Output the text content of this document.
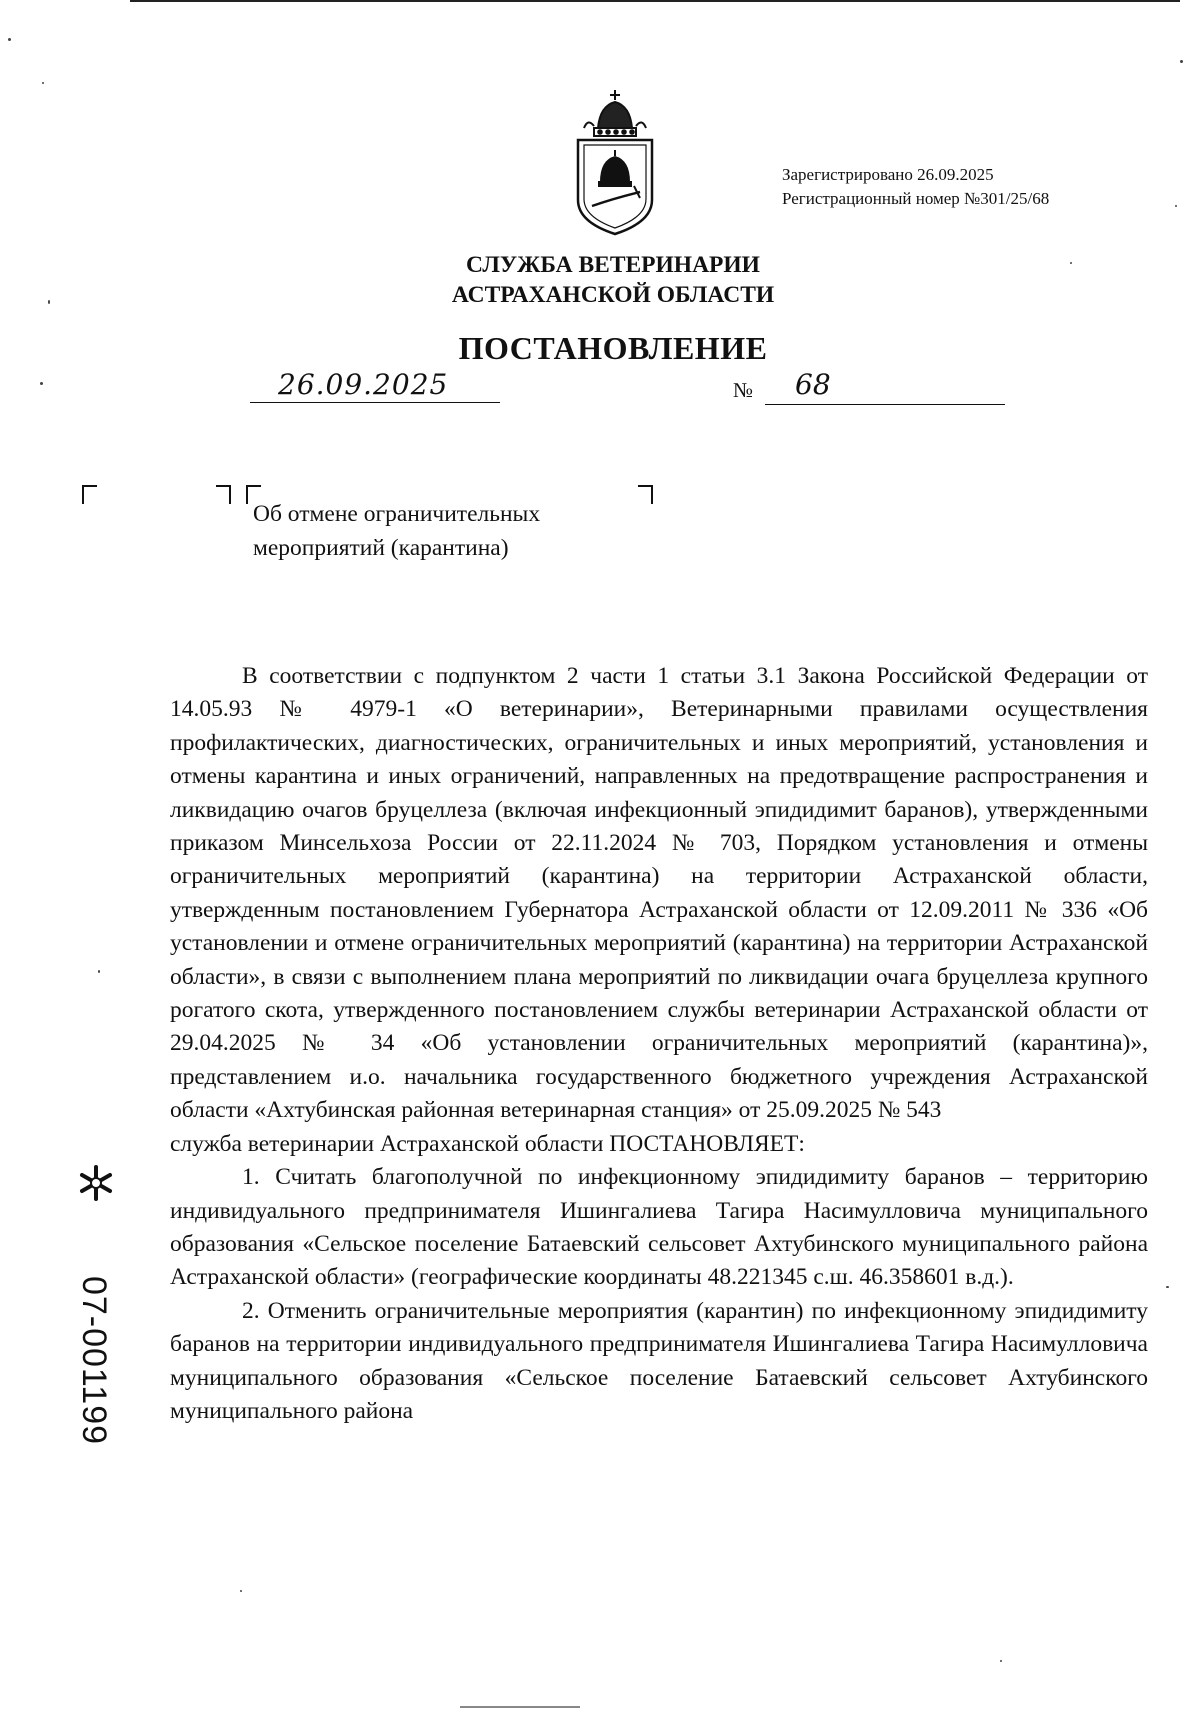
Зарегистрировано 26.09.2025
Регистрационный номер №301/25/68
СЛУЖБА ВЕТЕРИНАРИИ
АСТРАХАНСКОЙ ОБЛАСТИ
ПОСТАНОВЛЕНИЕ
26.09.2025	№ 68
Об отмене ограничительных
мероприятий (карантина)

В соответствии с подпунктом 2 части 1 статьи 3.1 Закона Российской Федерации от 14.05.93 № 4979-1 «О ветеринарии», Ветеринарными правилами осуществления профилактических, диагностических, ограничительных и иных мероприятий, установления и отмены карантина и иных ограничений, направленных на предотвращение распространения и ликвидацию очагов бруцеллеза (включая инфекционный эпидидимит баранов), утвержденными приказом Минсельхоза России от 22.11.2024 № 703, Порядком установления и отмены ограничительных мероприятий (карантина) на территории Астраханской области, утвержденным постановлением Губернатора Астраханской области от 12.09.2011 № 336 «Об установлении и отмене ограничительных мероприятий (карантина) на территории Астраханской области», в связи с выполнением плана мероприятий по ликвидации очага бруцеллеза крупного рогатого скота, утвержденного постановлением службы ветеринарии Астраханской области от 29.04.2025 № 34 «Об установлении ограничительных мероприятий (карантина)», представлением и.о. начальника государственного бюджетного учреждения Астраханской области «Ахтубинская районная ветеринарная станция» от 25.09.2025 № 543

служба ветеринарии Астраханской области ПОСТАНОВЛЯЕТ:

1. Считать благополучной по инфекционному эпидидимиту баранов – территорию индивидуального предпринимателя Ишингалиева Тагира Насимулловича муниципального образования «Сельское поселение Батаевский сельсовет Ахтубинского муниципального района Астраханской области» (географические координаты 48.221345 с.ш. 46.358601 в.д.).

2. Отменить ограничительные мероприятия (карантин) по инфекционному эпидидимиту баранов на территории индивидуального предпринимателя Ишингалиева Тагира Насимулловича муниципального образования «Сельское поселение Батаевский сельсовет Ахтубинского муниципального района

07-001199
